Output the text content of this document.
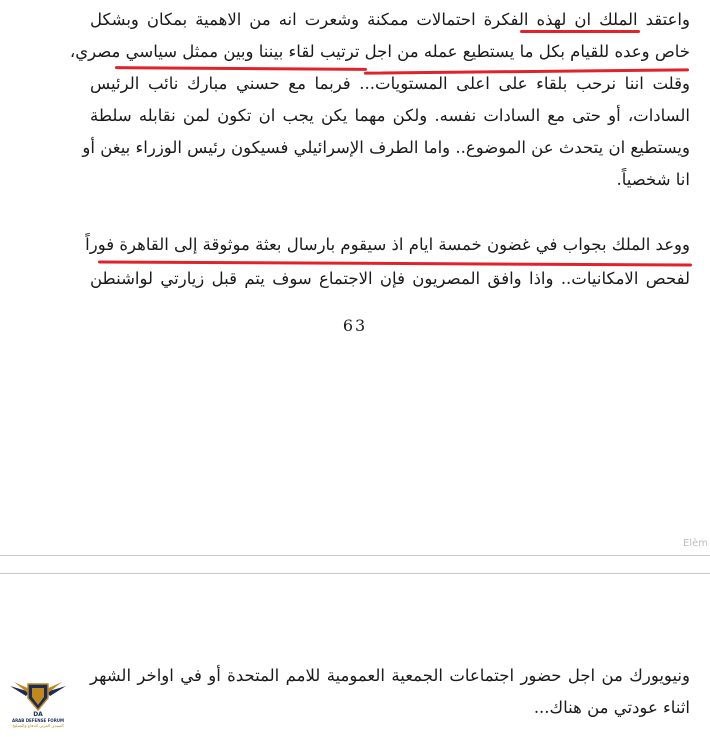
واعتقد الملك ان لهذه الفكرة احتمالات ممكنة وشعرت انه من الاهمية بمكان وبشكل
خاص وعده للقيام بكل ما يستطيع عمله من اجل ترتيب لقاء بيننا وبين ممثل سياسي مصري،
وقلت اننا نرحب بلقاء على اعلى المستويات... فربما مع حسني مبارك نائب الرئيس
السادات، أو حتى مع السادات نفسه. ولكن مهما يكن يجب ان تكون لمن نقابله سلطة
ويستطيع ان يتحدث عن الموضوع.. واما الطرف الإسرائيلي فسيكون رئيس الوزراء بيغن أو
انا شخصياً.
ووعد الملك بجواب في غضون خمسة ايام اذ سيقوم بارسال بعثة موثوقة إلى القاهرة فوراً
لفحص الامكانيات.. واذا وافق المصريون فإن الاجتماع سوف يتم قبل زيارتي لواشنطن
63
Elèm
ونيويورك من اجل حضور اجتماعات الجمعية العمومية للامم المتحدة أو في اواخر الشهر
اثناء عودتي من هناك...
DA
ARAB DEFENSE FORUM
المنتدى العربي للدفاع والتسليح
